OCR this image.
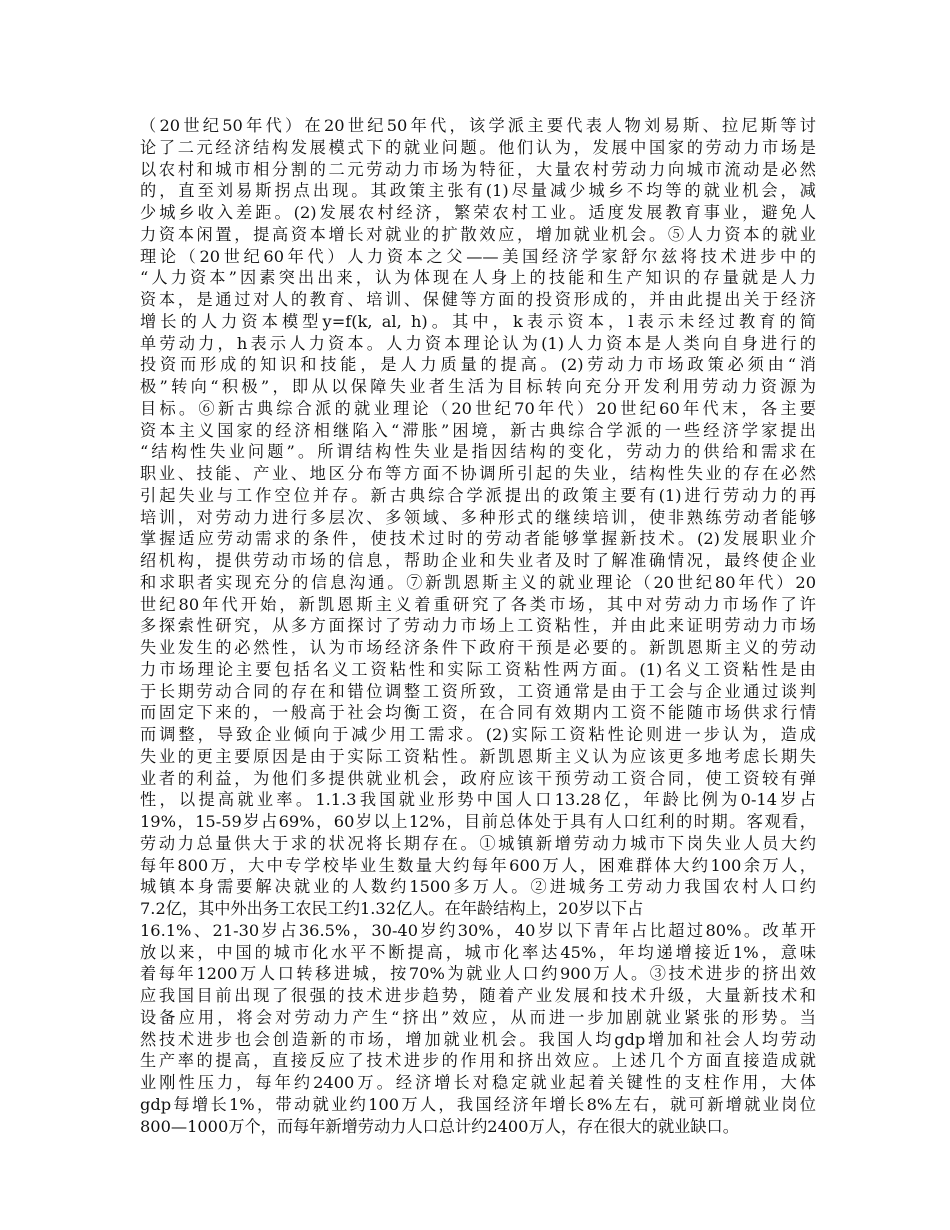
（20世纪50年代）在20世纪50年代，该学派主要代表人物刘易斯、拉尼斯等讨
论了二元经济结构发展模式下的就业问题。他们认为，发展中国家的劳动力市场是
以农村和城市相分割的二元劳动力市场为特征，大量农村劳动力向城市流动是必然
的，直至刘易斯拐点出现。其政策主张有(1)尽量减少城乡不均等的就业机会，减
少城乡收入差距。(2)发展农村经济，繁荣农村工业。适度发展教育事业，避免人
力资本闲置，提高资本增长对就业的扩散效应，增加就业机会。⑤人力资本的就业
理论（20世纪60年代）人力资本之父——美国经济学家舒尔兹将技术进步中的
“人力资本”因素突出出来，认为体现在人身上的技能和生产知识的存量就是人力
资本，是通过对人的教育、培训、保健等方面的投资形成的，并由此提出关于经济
增长的人力资本模型y=f(k, al, h)。其中，k表示资本，l表示未经过教育的简
单劳动力，h表示人力资本。人力资本理论认为(1)人力资本是人类向自身进行的
投资而形成的知识和技能，是人力质量的提高。(2)劳动力市场政策必须由“消
极”转向“积极”，即从以保障失业者生活为目标转向充分开发利用劳动力资源为
目标。⑥新古典综合派的就业理论（20世纪70年代）20世纪60年代末，各主要
资本主义国家的经济相继陷入“滞胀”困境，新古典综合学派的一些经济学家提出
“结构性失业问题”。所谓结构性失业是指因结构的变化，劳动力的供给和需求在
职业、技能、产业、地区分布等方面不协调所引起的失业，结构性失业的存在必然
引起失业与工作空位并存。新古典综合学派提出的政策主要有(1)进行劳动力的再
培训，对劳动力进行多层次、多领域、多种形式的继续培训，使非熟练劳动者能够
掌握适应劳动需求的条件，使技术过时的劳动者能够掌握新技术。(2)发展职业介
绍机构，提供劳动市场的信息，帮助企业和失业者及时了解准确情况，最终使企业
和求职者实现充分的信息沟通。⑦新凯恩斯主义的就业理论（20世纪80年代）20
世纪80年代开始，新凯恩斯主义着重研究了各类市场，其中对劳动力市场作了许
多探索性研究，从多方面探讨了劳动力市场上工资粘性，并由此来证明劳动力市场
失业发生的必然性，认为市场经济条件下政府干预是必要的。新凯恩斯主义的劳动
力市场理论主要包括名义工资粘性和实际工资粘性两方面。(1)名义工资粘性是由
于长期劳动合同的存在和错位调整工资所致，工资通常是由于工会与企业通过谈判
而固定下来的，一般高于社会均衡工资，在合同有效期内工资不能随市场供求行情
而调整，导致企业倾向于减少用工需求。(2)实际工资粘性论则进一步认为，造成
失业的更主要原因是由于实际工资粘性。新凯恩斯主义认为应该更多地考虑长期失
业者的利益，为他们多提供就业机会，政府应该干预劳动工资合同，使工资较有弹
性，以提高就业率。1.1.3我国就业形势中国人口13.28亿，年龄比例为0-14岁占
19%，15-59岁占69%，60岁以上12%，目前总体处于具有人口红利的时期。客观看，
劳动力总量供大于求的状况将长期存在。①城镇新增劳动力城市下岗失业人员大约
每年800万，大中专学校毕业生数量大约每年600万人，困难群体大约100余万人，
城镇本身需要解决就业的人数约1500多万人。②进城务工劳动力我国农村人口约
7.2亿，其中外出务工农民工约1.32亿人。在年龄结构上，20岁以下占
16.1%、21-30岁占36.5%，30-40岁约30%，40岁以下青年占比超过80%。改革开
放以来，中国的城市化水平不断提高，城市化率达45%，年均递增接近1%，意味
着每年1200万人口转移进城，按70%为就业人口约900万人。③技术进步的挤出效
应我国目前出现了很强的技术进步趋势，随着产业发展和技术升级，大量新技术和
设备应用，将会对劳动力产生“挤出”效应，从而进一步加剧就业紧张的形势。当
然技术进步也会创造新的市场，增加就业机会。我国人均gdp增加和社会人均劳动
生产率的提高，直接反应了技术进步的作用和挤出效应。上述几个方面直接造成就
业刚性压力，每年约2400万。经济增长对稳定就业起着关键性的支柱作用，大体
gdp每增长1%，带动就业约100万人，我国经济年增长8%左右，就可新增就业岗位
800—1000万个，而每年新增劳动力人口总计约2400万人，存在很大的就业缺口。
